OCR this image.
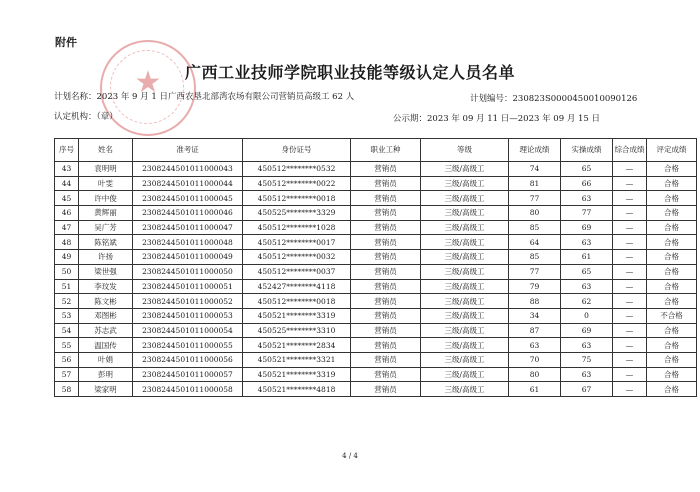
附件
★	广西工业技师学院职业技能等级认定人员名单
计划名称：2023 年 9 月 1 日广西农垦北部湾农场有限公司营销员高级工 62 人	计划编号：230823S0000450010090126
认定机构：（章）	公示期：2023 年 09 月 11 日—2023 年 09 月 15 日
序号	姓名	准考证	身份证号	职业工种	等级	理论成绩	实操成绩	综合成绩	评定成绩
43	袁明明	2308244501011000043	450512********0532	营销员	三级/高级工	74	65	—	合格
44	叶雯	2308244501011000044	450512********0022	营销员	三级/高级工	81	66	—	合格
45	许中俊	2308244501011000045	450512********0018	营销员	三级/高级工	77	63	—	合格
46	黄辉丽	2308244501011000046	450525********3329	营销员	三级/高级工	80	77	—	合格
47	吴广芳	2308244501011000047	450512********1028	营销员	三级/高级工	85	69	—	合格
48	陈铭斌	2308244501011000048	450512********0017	营销员	三级/高级工	64	63	—	合格
49	许扬	2308244501011000049	450512********0032	营销员	三级/高级工	85	61	—	合格
50	梁世强	2308244501011000050	450512********0037	营销员	三级/高级工	77	65	—	合格
51	李玟发	2308244501011000051	452427********4118	营销员	三级/高级工	79	63	—	合格
52	陈文彬	2308244501011000052	450512********0018	营销员	三级/高级工	88	62	—	合格
53	邓图彬	2308244501011000053	450521********3319	营销员	三级/高级工	34	0	—	不合格
54	苏志武	2308244501011000054	450525********3310	营销员	三级/高级工	87	69	—	合格
55	温国传	2308244501011000055	450521********2834	营销员	三级/高级工	63	63	—	合格
56	叶娟	2308244501011000056	450521********3321	营销员	三级/高级工	70	75	—	合格
57	彭明	2308244501011000057	450521********3319	营销员	三级/高级工	80	63	—	合格
58	梁家明	2308244501011000058	450521********4818	营销员	三级/高级工	61	67	—	合格
4 / 4
